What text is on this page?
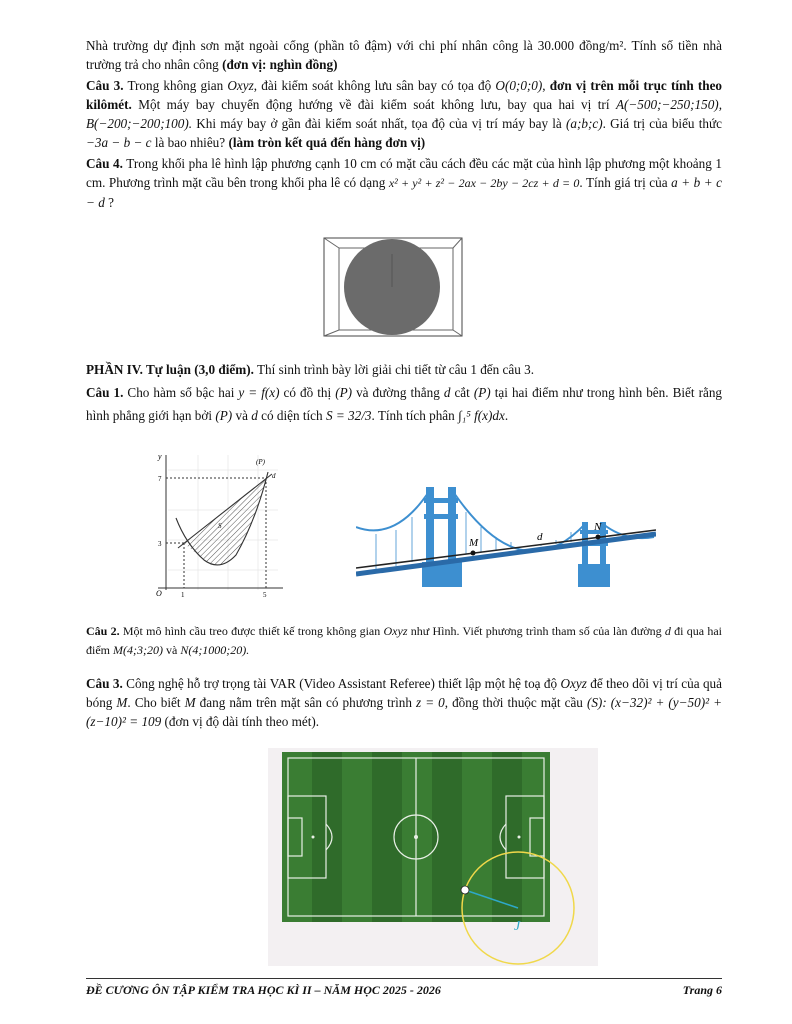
Nhà trường dự định sơn mặt ngoài cổng (phần tô đậm) với chi phí nhân công là 30.000 đồng/m². Tính số tiền nhà trường trả cho nhân công (đơn vị: nghìn đồng)

Câu 3. Trong không gian Oxyz, đài kiểm soát không lưu sân bay có tọa độ O(0;0;0), đơn vị trên mỗi trục tính theo kilômét. Một máy bay chuyển động hướng về đài kiểm soát không lưu, bay qua hai vị trí A(−500;−250;150), B(−200;−200;100). Khi máy bay ở gần đài kiểm soát nhất, tọa độ của vị trí máy bay là (a;b;c). Giá trị của biểu thức −3a − b − c là bao nhiêu? (làm tròn kết quả đến hàng đơn vị)

Câu 4. Trong khối pha lê hình lập phương cạnh 10 cm có mặt cầu cách đều các mặt của hình lập phương một khoảng 1 cm. Phương trình mặt cầu bên trong khối pha lê có dạng x² + y² + z² − 2ax − 2by − 2cz + d = 0. Tính giá trị của a + b + c − d ?

PHẦN IV. Tự luận (3,0 điểm). Thí sinh trình bày lời giải chi tiết từ câu 1 đến câu 3.

Câu 1. Cho hàm số bậc hai y = f(x) có đồ thị (P) và đường thẳng d cắt (P) tại hai điểm như trong hình bên. Biết rằng hình phẳng giới hạn bởi (P) và d có diện tích S = 32/3. Tính tích phân ∫₁⁵ f(x)dx.

y
O	1	5
3
7
(P)
d
S
M
N
d

Câu 2. Một mô hình cầu treo được thiết kế trong không gian Oxyz như Hình. Viết phương trình tham số của làn đường d đi qua hai điểm M(4;3;20) và N(4;1000;20).

Câu 3. Công nghệ hỗ trợ trọng tài VAR (Video Assistant Referee) thiết lập một hệ toạ độ Oxyz để theo dõi vị trí của quả bóng M. Cho biết M đang nằm trên mặt sân có phương trình z = 0, đồng thời thuộc mặt cầu (S): (x−32)² + (y−50)² + (z−10)² = 109 (đơn vị độ dài tính theo mét).

J
ĐỀ CƯƠNG ÔN TẬP KIỂM TRA HỌC KÌ II – NĂM HỌC 2025 - 2026	Trang 6
